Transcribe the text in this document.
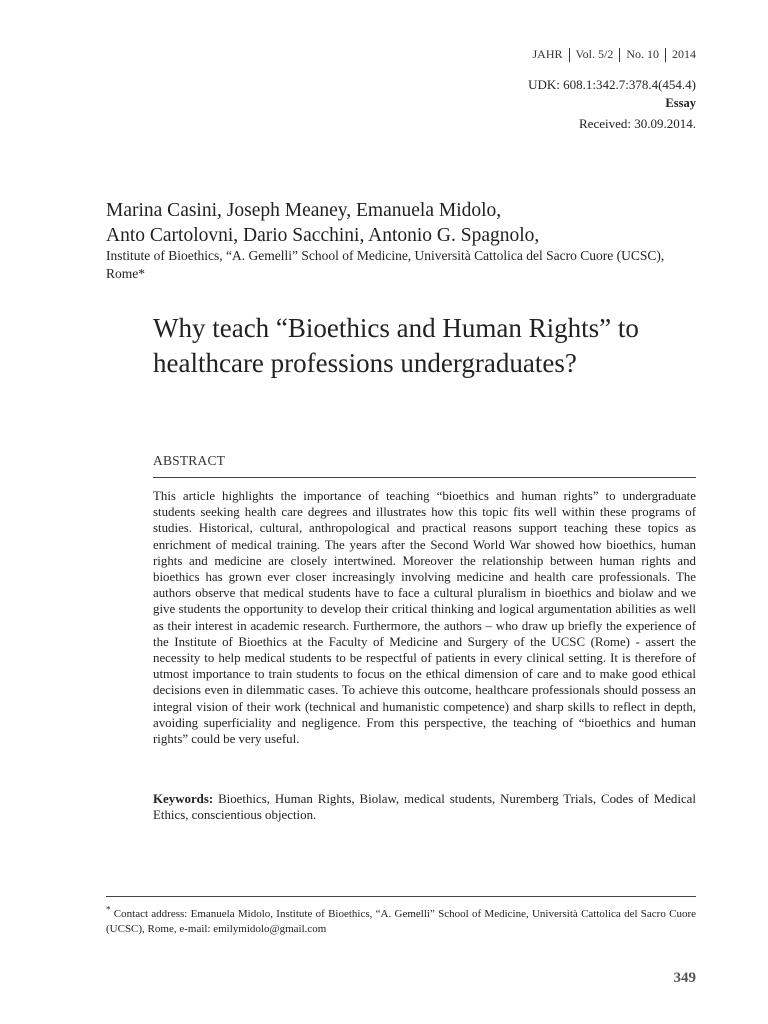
JAHR Vol. 5/2 No. 10 2014
UDK: 608.1:342.7:378.4(454.4)
Essay
Received: 30.09.2014.
Marina Casini, Joseph Meaney, Emanuela Midolo,
Anto Cartolovni, Dario Sacchini, Antonio G. Spagnolo,
Institute of Bioethics, “A. Gemelli” School of Medicine, Università Cattolica del Sacro Cuore (UCSC), Rome*
Why teach “Bioethics and Human Rights” to healthcare professions undergraduates?
ABSTRACT
This article highlights the importance of teaching “bioethics and human rights” to undergraduate students seeking health care degrees and illustrates how this topic fits well within these programs of studies. Historical, cultural, anthropological and practical reasons support teaching these topics as enrichment of medical training. The years after the Second World War showed how bioethics, human rights and medicine are closely intertwined. Moreover the relationship between human rights and bioethics has grown ever closer increasingly involving medicine and health care professionals. The authors observe that medical students have to face a cultural pluralism in bioethics and biolaw and we give students the opportunity to develop their critical thinking and logical argumentation abilities as well as their interest in academic research. Furthermore, the authors – who draw up briefly the experience of the Institute of Bioethics at the Faculty of Medicine and Surgery of the UCSC (Rome) - assert the necessity to help medical students to be respectful of patients in every clinical setting. It is therefore of utmost importance to train students to focus on the ethical dimension of care and to make good ethical decisions even in dilemmatic cases. To achieve this outcome, healthcare professionals should possess an integral vision of their work (technical and humanistic competence) and sharp skills to reflect in depth, avoiding superficiality and negligence. From this perspective, the teaching of “bioethics and human rights” could be very useful.
Keywords: Bioethics, Human Rights, Biolaw, medical students, Nuremberg Trials, Codes of Medical Ethics, conscientious objection.
* Contact address: Emanuela Midolo, Institute of Bioethics, “A. Gemelli” School of Medicine, Università Cattolica del Sacro Cuore (UCSC), Rome, e-mail: emilymidolo@gmail.com
349
